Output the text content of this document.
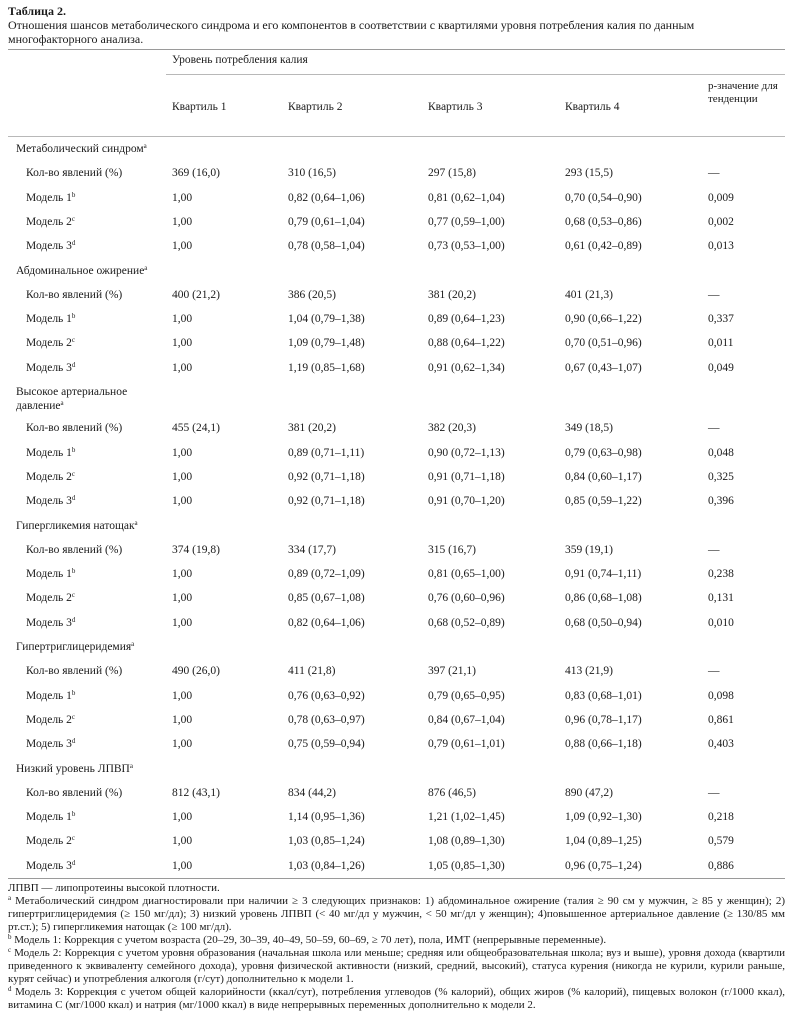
Таблица 2.
Отношения шансов метаболического синдрома и его компонентов в соответствии с квартилями уровня потребления калия по данным многофакторного анализа.
Уровень потребления калия
Квартиль 1	Квартиль 2	Квартиль 3	Квартиль 4
р-значение для тенденции
Метаболический синдром$^a$
Кол-во явлений (%)	369 (16,0)	310 (16,5)	297 (15,8)	293 (15,5)	—
Модель 1$^b$	1,00	0,82 (0,64–1,06)	0,81 (0,62–1,04)	0,70 (0,54–0,90)	0,009
Модель 2$^c$	1,00	0,79 (0,61–1,04)	0,77 (0,59–1,00)	0,68 (0,53–0,86)	0,002
Модель 3$^d$	1,00	0,78 (0,58–1,04)	0,73 (0,53–1,00)	0,61 (0,42–0,89)	0,013
Абдоминальное ожирение$^a$
Кол-во явлений (%)	400 (21,2)	386 (20,5)	381 (20,2)	401 (21,3)	—
Модель 1$^b$	1,00	1,04 (0,79–1,38)	0,89 (0,64–1,23)	0,90 (0,66–1,22)	0,337
Модель 2$^c$	1,00	1,09 (0,79–1,48)	0,88 (0,64–1,22)	0,70 (0,51–0,96)	0,011
Модель 3$^d$	1,00	1,19 (0,85–1,68)	0,91 (0,62–1,34)	0,67 (0,43–1,07)	0,049
Высокое артериальное
давление$^a$
Кол-во явлений (%)	455 (24,1)	381 (20,2)	382 (20,3)	349 (18,5)	—
Модель 1$^b$	1,00	0,89 (0,71–1,11)	0,90 (0,72–1,13)	0,79 (0,63–0,98)	0,048
Модель 2$^c$	1,00	0,92 (0,71–1,18)	0,91 (0,71–1,18)	0,84 (0,60–1,17)	0,325
Модель 3$^d$	1,00	0,92 (0,71–1,18)	0,91 (0,70–1,20)	0,85 (0,59–1,22)	0,396
Гипергликемия натощак$^a$
Кол-во явлений (%)	374 (19,8)	334 (17,7)	315 (16,7)	359 (19,1)	—
Модель 1$^b$	1,00	0,89 (0,72–1,09)	0,81 (0,65–1,00)	0,91 (0,74–1,11)	0,238
Модель 2$^c$	1,00	0,85 (0,67–1,08)	0,76 (0,60–0,96)	0,86 (0,68–1,08)	0,131
Модель 3$^d$	1,00	0,82 (0,64–1,06)	0,68 (0,52–0,89)	0,68 (0,50–0,94)	0,010
Гипертриглицеридемия$^a$
Кол-во явлений (%)	490 (26,0)	411 (21,8)	397 (21,1)	413 (21,9)	—
Модель 1$^b$	1,00	0,76 (0,63–0,92)	0,79 (0,65–0,95)	0,83 (0,68–1,01)	0,098
Модель 2$^c$	1,00	0,78 (0,63–0,97)	0,84 (0,67–1,04)	0,96 (0,78–1,17)	0,861
Модель 3$^d$	1,00	0,75 (0,59–0,94)	0,79 (0,61–1,01)	0,88 (0,66–1,18)	0,403
Низкий уровень ЛПВП$^a$
Кол-во явлений (%)	812 (43,1)	834 (44,2)	876 (46,5)	890 (47,2)	—
Модель 1$^b$	1,00	1,14 (0,95–1,36)	1,21 (1,02–1,45)	1,09 (0,92–1,30)	0,218
Модель 2$^c$	1,00	1,03 (0,85–1,24)	1,08 (0,89–1,30)	1,04 (0,89–1,25)	0,579
Модель 3$^d$	1,00	1,03 (0,84–1,26)	1,05 (0,85–1,30)	0,96 (0,75–1,24)	0,886

ЛПВП — липопротеины высокой плотности.

$^a$ Метаболический синдром диагностировали при наличии ≥ 3 следующих признаков: 1) абдоминальное ожирение (талия ≥ 90 см у мужчин, ≥ 85 у женщин); 2) гипертриглицеридемия (≥ 150 мг/дл); 3) низкий уровень ЛПВП (< 40 мг/дл у мужчин, < 50 мг/дл у женщин); 4)повышенное артериальное давление (≥ 130/85 мм рт.ст.); 5) гипергликемия натощак (≥ 100 мг/дл).

$^b$ Модель 1: Коррекция с учетом возраста (20–29, 30–39, 40–49, 50–59, 60–69, ≥ 70 лет), пола, ИМТ (непрерывные переменные).

$^c$ Модель 2: Коррекция с учетом уровня образования (начальная школа или меньше; средняя или общеобразовательная школа; вуз и выше), уровня дохода (квартили приведенного к эквиваленту семейного дохода), уровня физической активности (низкий, средний, высокий), статуса курения (никогда не курили, курили раньше, курят сейчас) и употребления алкоголя (г/сут) дополнительно к модели 1.

$^d$ Модель 3: Коррекция с учетом общей калорийности (ккал/сут), потребления углеводов (% калорий), общих жиров (% калорий), пищевых волокон (г/1000 ккал), витамина С (мг/1000 ккал) и натрия (мг/1000 ккал) в виде непрерывных переменных дополнительно к модели 2.
